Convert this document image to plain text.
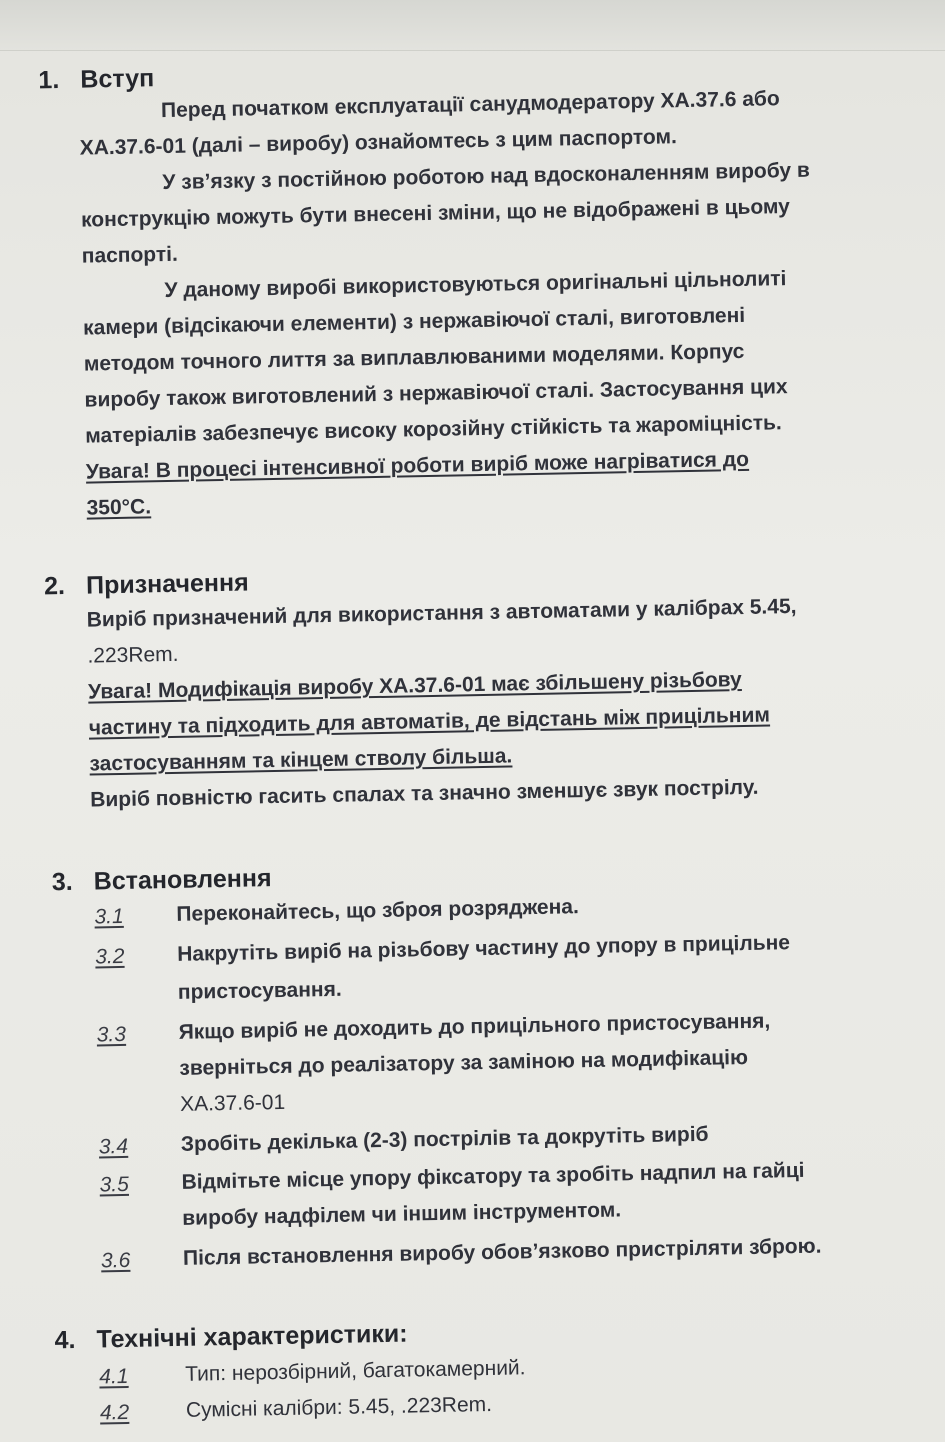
1. Вступ
Перед початком експлуатації санудмодератору ХА.37.6 або
ХА.37.6-01 (далі – виробу) ознайомтесь з цим паспортом.
У зв’язку з постійною роботою над вдосконаленням виробу в
конструкцію можуть бути внесені зміни, що не відображені в цьому
паспорті.
У даному виробі використовуються оригінальні цільнолиті
камери (відсікаючи елементи) з нержавіючої сталі, виготовлені
методом точного лиття за виплавлюваними моделями. Корпус
виробу також виготовлений з нержавіючої сталі. Застосування цих
матеріалів забезпечує високу корозійну стійкість та жароміцність.
Увага! В процесі інтенсивної роботи виріб може нагріватися до
350°С.
2. Призначення
Виріб призначений для використання з автоматами у калібрах 5.45,
.223Rem.
Увага! Модифікація виробу ХА.37.6-01 має збільшену різьбову
частину та підходить для автоматів, де відстань між прицільним
застосуванням та кінцем стволу більша.
Виріб повністю гасить спалах та значно зменшує звук пострілу.
3. Встановлення
3.1 Переконайтесь, що зброя розряджена.
3.2 Накрутіть виріб на різьбову частину до упору в прицільне
пристосування.
3.3 Якщо виріб не доходить до прицільного пристосування,
зверніться до реалізатору за заміною на модифікацію
ХА.37.6-01
3.4 Зробіть декілька (2-3) пострілів та докрутіть виріб
3.5 Відмітьте місце упору фіксатору та зробіть надпил на гайці
виробу надфілем чи іншим інструментом.
3.6 Після встановлення виробу обов’язково пристріляти зброю.
4. Технічні характеристики:
4.1	Тип: нерозбірний, багатокамерний.
4.2	Сумісні калібри: 5.45, .223Rem.
